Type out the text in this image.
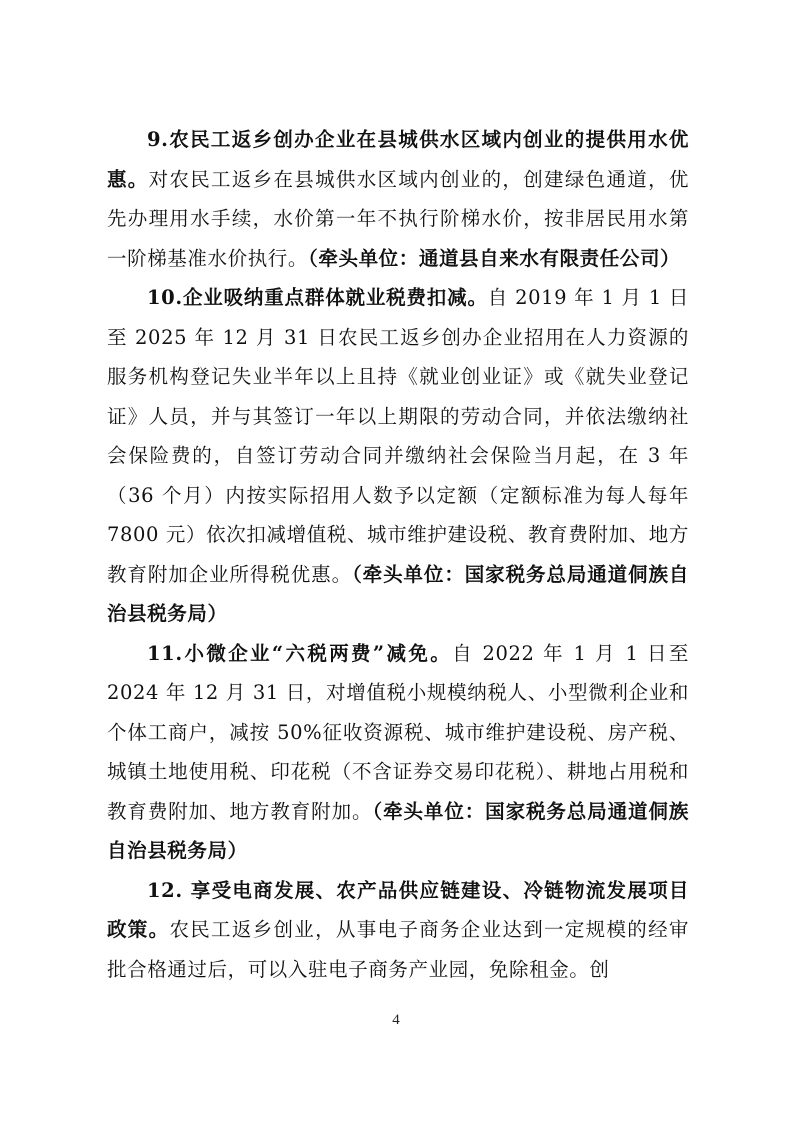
9.农民工返乡创办企业在县城供水区域内创业的提供用水优惠。对农民工返乡在县城供水区域内创业的，创建绿色通道，优先办理用水手续，水价第一年不执行阶梯水价，按非居民用水第一阶梯基准水价执行。（牵头单位：通道县自来水有限责任公司）

10.企业吸纳重点群体就业税费扣减。自 2019 年 1 月 1 日至 2025 年 12 月 31 日农民工返乡创办企业招用在人力资源的服务机构登记失业半年以上且持《就业创业证》或《就失业登记证》人员，并与其签订一年以上期限的劳动合同，并依法缴纳社会保险费的，自签订劳动合同并缴纳社会保险当月起，在 3 年（36 个月）内按实际招用人数予以定额（定额标准为每人每年 7800 元）依次扣减增值税、城市维护建设税、教育费附加、地方教育附加企业所得税优惠。（牵头单位：国家税务总局通道侗族自治县税务局）

11.小微企业“六税两费”减免。自 2022 年 1 月 1 日至 2024 年 12 月 31 日，对增值税小规模纳税人、小型微利企业和个体工商户，减按 50%征收资源税、城市维护建设税、房产税、城镇土地使用税、印花税（不含证券交易印花税）、耕地占用税和教育费附加、地方教育附加。（牵头单位：国家税务总局通道侗族自治县税务局）

12. 享受电商发展、农产品供应链建设、冷链物流发展项目政策。农民工返乡创业，从事电子商务企业达到一定规模的经审批合格通过后，可以入驻电子商务产业园，免除租金。创

4
